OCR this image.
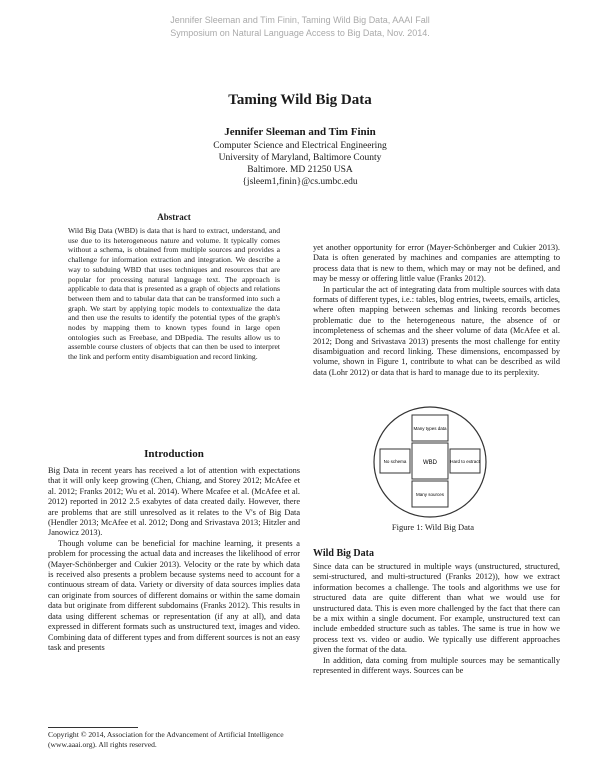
Jennifer Sleeman and Tim Finin, Taming Wild Big Data, AAAI Fall
Symposium on Natural Language Access to Big Data, Nov. 2014.
Taming Wild Big Data
Jennifer Sleeman and Tim Finin
Computer Science and Electrical Engineering
University of Maryland, Baltimore County
Baltimore. MD 21250 USA
{jsleem1,finin}@cs.umbc.edu
Abstract
Wild Big Data (WBD) is data that is hard to extract, understand, and use due to its heterogeneous nature and volume. It typically comes without a schema, is obtained from multiple sources and provides a challenge for information extraction and integration. We describe a way to subduing WBD that uses techniques and resources that are popular for processing natural language text. The approach is applicable to data that is presented as a graph of objects and relations between them and to tabular data that can be transformed into such a graph. We start by applying topic models to contextualize the data and then use the results to identify the potential types of the graph's nodes by mapping them to known types found in large open ontologies such as Freebase, and DBpedia. The results allow us to assemble course clusters of objects that can then be used to interpret the link and perform entity disambiguation and record linking.
Introduction

Big Data in recent years has received a lot of attention with expectations that it will only keep growing (Chen, Chiang, and Storey 2012; McAfee et al. 2012; Franks 2012; Wu et al. 2014). Where Mcafee et al. (McAfee et al. 2012) reported in 2012 2.5 exabytes of data created daily. However, there are problems that are still unresolved as it relates to the V's of Big Data (Hendler 2013; McAfee et al. 2012; Dong and Srivastava 2013; Hitzler and Janowicz 2013).

Though volume can be beneficial for machine learning, it presents a problem for processing the actual data and increases the likelihood of error (Mayer-Schönberger and Cukier 2013). Velocity or the rate by which data is received also presents a problem because systems need to account for a continuous stream of data. Variety or diversity of data sources implies data can originate from sources of different domains or within the same domain data but originate from different subdomains (Franks 2012). This results in data using different schemas or representation (if any at all), and data expressed in different formats such as unstructured text, images and video. Combining data of different types and from different sources is not an easy task and presents

Copyright © 2014, Association for the Advancement of Artificial Intelligence (www.aaai.org). All rights reserved.

yet another opportunity for error (Mayer-Schönberger and Cukier 2013). Data is often generated by machines and companies are attempting to process data that is new to them, which may or may not be defined, and may be messy or offering little value (Franks 2012).

In particular the act of integrating data from multiple sources with data formats of different types, i.e.: tables, blog entries, tweets, emails, articles, where often mapping between schemas and linking records becomes problematic due to the heterogeneous nature, the absence of or incompleteness of schemas and the sheer volume of data (McAfee et al. 2012; Dong and Srivastava 2013) presents the most challenge for entity disambiguation and record linking. These dimensions, encompassed by volume, shown in Figure 1, contribute to what can be described as wild data (Lohr 2012) or data that is hard to manage due to its perplexity.

WBD
Many types data
No schema	Hard to extract
Many sources
Figure 1: Wild Big Data
Wild Big Data

Since data can be structured in multiple ways (unstructured, structured, semi-structured, and multi-structured (Franks 2012)), how we extract information becomes a challenge. The tools and algorithms we use for structured data are quite different than what we would use for unstructured data. This is even more challenged by the fact that there can be a mix within a single document. For example, unstructured text can include embedded structure such as tables. The same is true in how we process text vs. video or audio. We typically use different approaches given the format of the data.

In addition, data coming from multiple sources may be semantically represented in different ways. Sources can be
